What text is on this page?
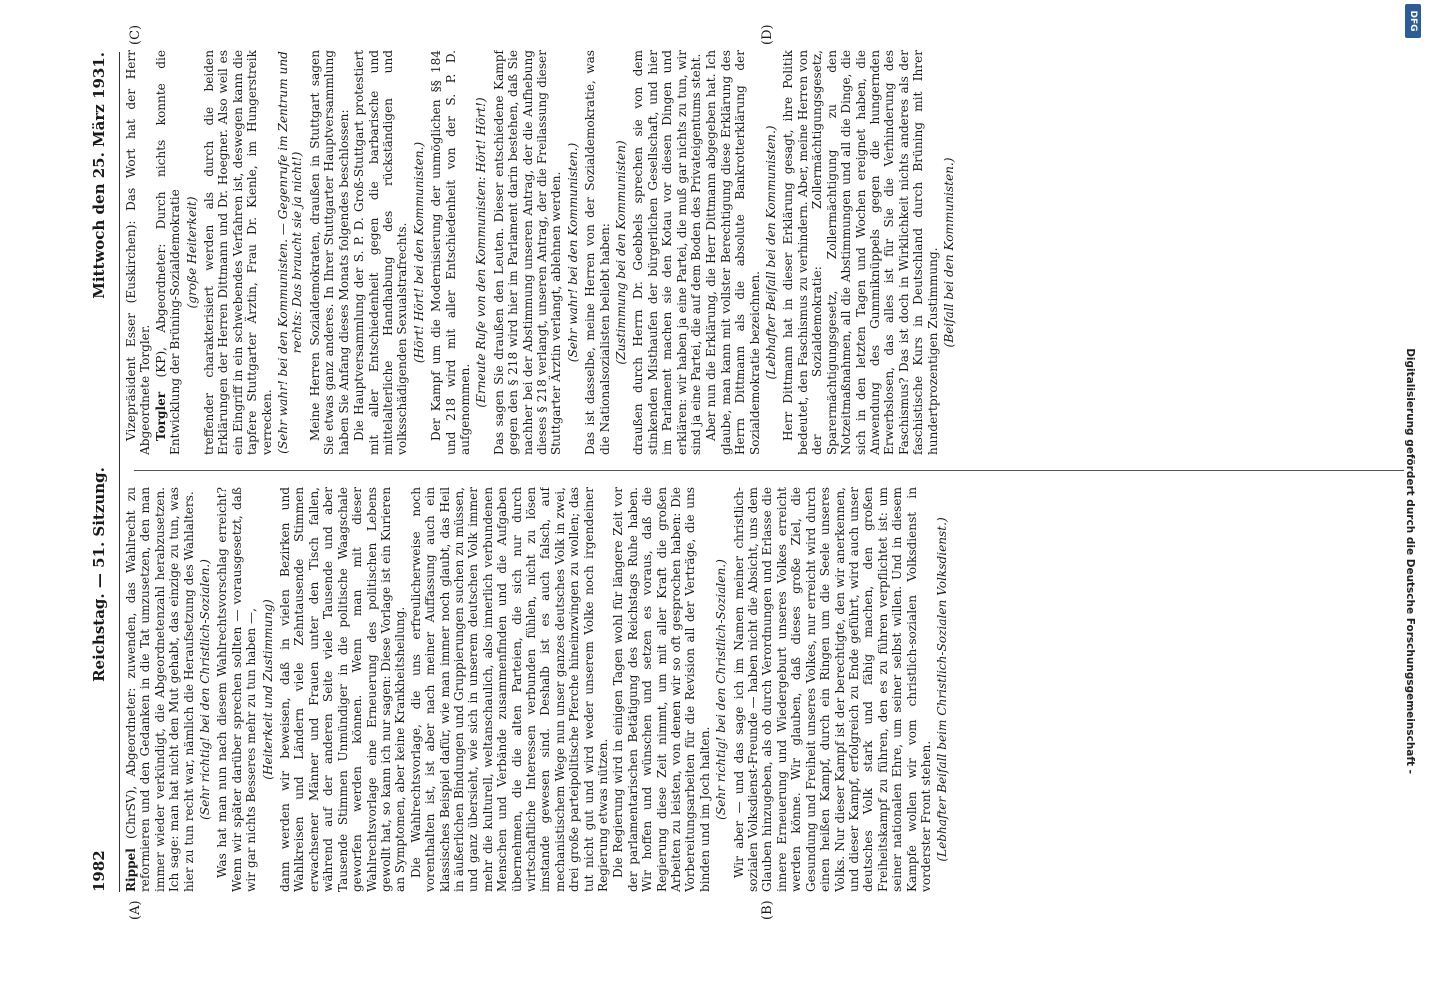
1982
Reichstag. — 51. Sitzung.
Mittwoch den 25. März 1931.
(A)	(B)
(C)	(D)

Rippel (ChrSV), Abgeordneter: zuwenden, das Wahlrecht zu reformieren und den Gedanken in die Tat umzusetzen, den man immer wieder verkündigt, die Abgeordnetenzahl herabzusetzen. Ich sage: man hat nicht den Mut gehabt, das einzige zu tun, was hier zu tun recht war, nämlich die Heraufsetzung des Wahlalters. (Sehr richtig! bei den Christlich-Sozialen.) Was hat man nun nach diesem Wahlrechtsvorschlag erreicht? Wenn wir später darüber sprechen sollten — vorausgesetzt, daß wir gar nichts Besseres mehr zu tun haben —, (Heiterkeit und Zustimmung) dann werden wir beweisen, daß in vielen Bezirken und Wahlkreisen und Ländern viele Zehntausende Stimmen erwachsener Männer und Frauen unter den Tisch fallen, während auf der anderen Seite viele Tausende und aber Tausende Stimmen Unmündiger in die politische Waagschale geworfen werden können. Wenn man mit dieser Wahlrechtsvorlage eine Erneuerung des politischen Lebens gewollt hat, so kann ich nur sagen: Diese Vorlage ist ein Kurieren an Symptomen, aber keine Krankheitsheilung. Die Wahlrechtsvorlage, die uns erfreulicherweise noch vorenthalten ist, ist aber nach meiner Auffassung auch ein klassisches Beispiel dafür, wie man immer noch glaubt, das Heil in äußerlichen Bindungen und Gruppierungen suchen zu müssen, und ganz übersieht, wie sich in unserem deutschen Volk immer mehr die kulturell, weltanschaulich, also innerlich verbundenen Menschen und Verbände zusammenfinden und die Aufgaben übernehmen, die die alten Parteien, die sich nur durch wirtschaftliche Interessen verbunden fühlen, nicht zu lösen imstande gewesen sind. Deshalb ist es auch falsch, auf mechanistischem Wege nun unser ganzes deutsches Volk in zwei, drei große parteipolitische Pferche hineinzwingen zu wollen; das tut nicht gut und wird weder unserem Volke noch irgendeiner Regierung etwas nützen. Die Regierung wird in einigen Tagen wohl für längere Zeit vor der parlamentarischen Betätigung des Reichstags Ruhe haben. Wir hoffen und wünschen und setzen es voraus, daß die Regierung diese Zeit nimmt, um mit aller Kraft die großen Arbeiten zu leisten, von denen wir so oft gesprochen haben: Die Vorbereitungsarbeiten für die Revision all der Verträge, die uns binden und im Joch halten. (Sehr richtig! bei den Christlich-Sozialen.) Wir aber — und das sage ich im Namen meiner christlich-sozialen Volksdienst-Freunde — haben nicht die Absicht, uns dem Glauben hinzugeben, als ob durch Verordnungen und Erlasse die innere Erneuerung und Wiedergeburt unseres Volkes erreicht werden könne. Wir glauben, daß dieses große Ziel, die Gesundung und Freiheit unseres Volkes, nur erreicht wird durch einen heißen Kampf, durch ein Ringen um die Seele unseres Volks. Nur dieser Kampf ist der berechtigte, den wir anerkennen, und dieser Kampf, erfolgreich zu Ende geführt, wird auch unser deutsches Volk stark und fähig machen, den großen Freiheitskampf zu führen, den es zu führen verpflichtet ist: um seiner nationalen Ehre, um seiner selbst willen. Und in diesem Kampfe wollen wir vom christlich-sozialen Volksdienst in vorderster Front stehen. (Lebhafter Beifall beim Christlich-Sozialen Volksdienst.)

Vizepräsident Esser (Euskirchen): Das Wort hat der Herr Abgeordnete Torgler. Torgler (KP), Abgeordneter: Durch nichts konnte die Entwicklung der Brüning-Sozialdemokratie (große Heiterkeit) treffender charakterisiert werden als durch die beiden Erklärungen der Herren Dittmann und Dr. Hoegner. Also weil es ein Eingriff in ein schwebendes Verfahren ist, deswegen kann die tapfere Stuttgarter Ärztin, Frau Dr. Kienle, im Hungerstreik verrecken. (Sehr wahr! bei den Kommunisten. — Gegenrufe im Zentrum und rechts: Das braucht sie ja nicht!) Meine Herren Sozialdemokraten, draußen in Stuttgart sagen Sie etwas ganz anderes. In Ihrer Stuttgarter Hauptversammlung haben Sie Anfang dieses Monats folgendes beschlossen: Die Hauptversammlung der S. P. D. Groß-Stuttgart protestiert mit aller Entschiedenheit gegen die barbarische und mittelalterliche Handhabung des rückständigen und volksschädigenden Sexualstrafrechts. (Hört! Hört! bei den Kommunisten.) Der Kampf um die Modernisierung der unmöglichen §§ 184 und 218 wird mit aller Entschiedenheit von der S. P. D. aufgenommen.

(Erneute Rufe von den Kommunisten: Hört! Hört!) Das sagen Sie draußen den Leuten. Dieser entschiedene Kampf gegen den § 218 wird hier im Parlament darin bestehen, daß Sie nachher bei der Abstimmung unseren Antrag, der die Aufhebung dieses § 218 verlangt, unseren Antrag, der die Freilassung dieser Stuttgarter Ärztin verlangt, ablehnen werden. (Sehr wahr! bei den Kommunisten.) Das ist dasselbe, meine Herren von der Sozialdemokratie, was die Nationalsozialisten beliebt haben: (Zustimmung bei den Kommunisten) draußen durch Herrn Dr. Goebbels sprechen sie von dem stinkenden Misthaufen der bürgerlichen Gesellschaft, und hier im Parlament machen sie den Kotau vor diesen Dingen und erklären: wir haben ja eine Partei, die muß gar nichts zu tun, wir sind ja eine Partei, die auf dem Boden des Privateigentums steht. Aber nun die Erklärung, die Herr Dittmann abgegeben hat. Ich glaube, man kann mit vollster Berechtigung diese Erklärung des Herrn Dittmann als die absolute Bankrotterklärung der Sozialdemokratie bezeichnen. (Lebhafter Beifall bei den Kommunisten.) Herr Dittmann hat in dieser Erklärung gesagt, ihre Politik bedeutet, den Faschismus zu verhindern. Aber, meine Herren von der Sozialdemokratie: Zollermächtigungsgesetz, Sparermächtigungsgesetz, Zollermächtigung zu den Notzeitmaßnahmen, all die Abstimmungen und all die Dinge, die sich in den letzten Tagen und Wochen ereignet haben, die Anwendung des Gummiknüppels gegen die hungernden Erwerbslosen, das alles ist für Sie die Verhinderung des Faschismus? Das ist doch in Wirklichkeit nichts anderes als der faschistische Kurs in Deutschland durch Brüning mit Ihrer hundertprozentigen Zustimmung. (Beifall bei den Kommunisten.)

DFG
Digitalisierung gefördert durch die Deutsche Forschungsgemeinschaft -
